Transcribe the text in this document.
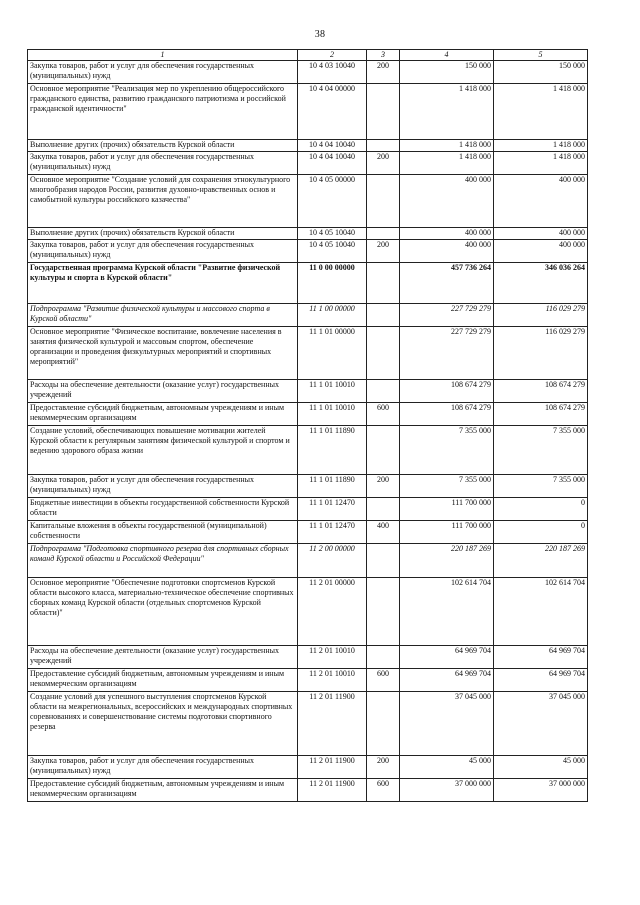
38
1	2	3	4	5
Закупка товаров, работ и услуг для обеспечения государственных (муниципальных) нужд	10 4 03 10040	200	150 000	150 000
Основное мероприятие "Реализация мер по укреплению общероссийского гражданского единства, развитию гражданского патриотизма и российской гражданской идентичности"	10 4 04 00000		1 418 000	1 418 000
Выполнение других (прочих) обязательств Курской области	10 4 04 10040		1 418 000	1 418 000
Закупка товаров, работ и услуг для обеспечения государственных (муниципальных) нужд	10 4 04 10040	200	1 418 000	1 418 000
Основное мероприятие "Создание условий для сохранения этнокультурного многообразия народов России, развития духовно-нравственных основ и самобытной культуры российского казачества"	10 4 05 00000		400 000	400 000
Выполнение других (прочих) обязательств Курской области	10 4 05 10040		400 000	400 000
Закупка товаров, работ и услуг для обеспечения государственных (муниципальных) нужд	10 4 05 10040	200	400 000	400 000
Государственная программа Курской области "Развитие физической культуры и спорта в Курской области"	11 0 00 00000		457 736 264	346 036 264
Подпрограмма "Развитие физической культуры и массового спорта в Курской области"	11 1 00 00000		227 729 279	116 029 279
Основное мероприятие "Физическое воспитание, вовлечение населения в занятия физической культурой и массовым спортом, обеспечение организации и проведения физкультурных мероприятий и спортивных мероприятий"	11 1 01 00000		227 729 279	116 029 279
Расходы на обеспечение деятельности (оказание услуг) государственных учреждений	11 1 01 10010		108 674 279	108 674 279
Предоставление субсидий бюджетным, автономным учреждениям и иным некоммерческим организациям	11 1 01 10010	600	108 674 279	108 674 279
Создание условий, обеспечивающих повышение мотивации жителей Курской области к регулярным занятиям физической культурой и спортом и ведению здорового образа жизни	11 1 01 11890		7 355 000	7 355 000
Закупка товаров, работ и услуг для обеспечения государственных (муниципальных) нужд	11 1 01 11890	200	7 355 000	7 355 000
Бюджетные инвестиции в объекты государственной собственности Курской области	11 1 01 12470		111 700 000	0
Капитальные вложения в объекты государственной (муниципальной) собственности	11 1 01 12470	400	111 700 000	0
Подпрограмма "Подготовка спортивного резерва для спортивных сборных команд Курской области и Российской Федерации"	11 2 00 00000		220 187 269	220 187 269
Основное мероприятие "Обеспечение подготовки спортсменов Курской области высокого класса, материально-техническое обеспечение спортивных сборных команд Курской области (отдельных спортсменов Курской области)"	11 2 01 00000		102 614 704	102 614 704
Расходы на обеспечение деятельности (оказание услуг) государственных учреждений	11 2 01 10010		64 969 704	64 969 704
Предоставление субсидий бюджетным, автономным учреждениям и иным некоммерческим организациям	11 2 01 10010	600	64 969 704	64 969 704
Создание условий для успешного выступления спортсменов Курской области на межрегиональных, всероссийских и международных спортивных соревнованиях и совершенствование системы подготовки спортивного резерва	11 2 01 11900		37 045 000	37 045 000
Закупка товаров, работ и услуг для обеспечения государственных (муниципальных) нужд	11 2 01 11900	200	45 000	45 000
Предоставление субсидий бюджетным, автономным учреждениям и иным некоммерческим организациям	11 2 01 11900	600	37 000 000	37 000 000
